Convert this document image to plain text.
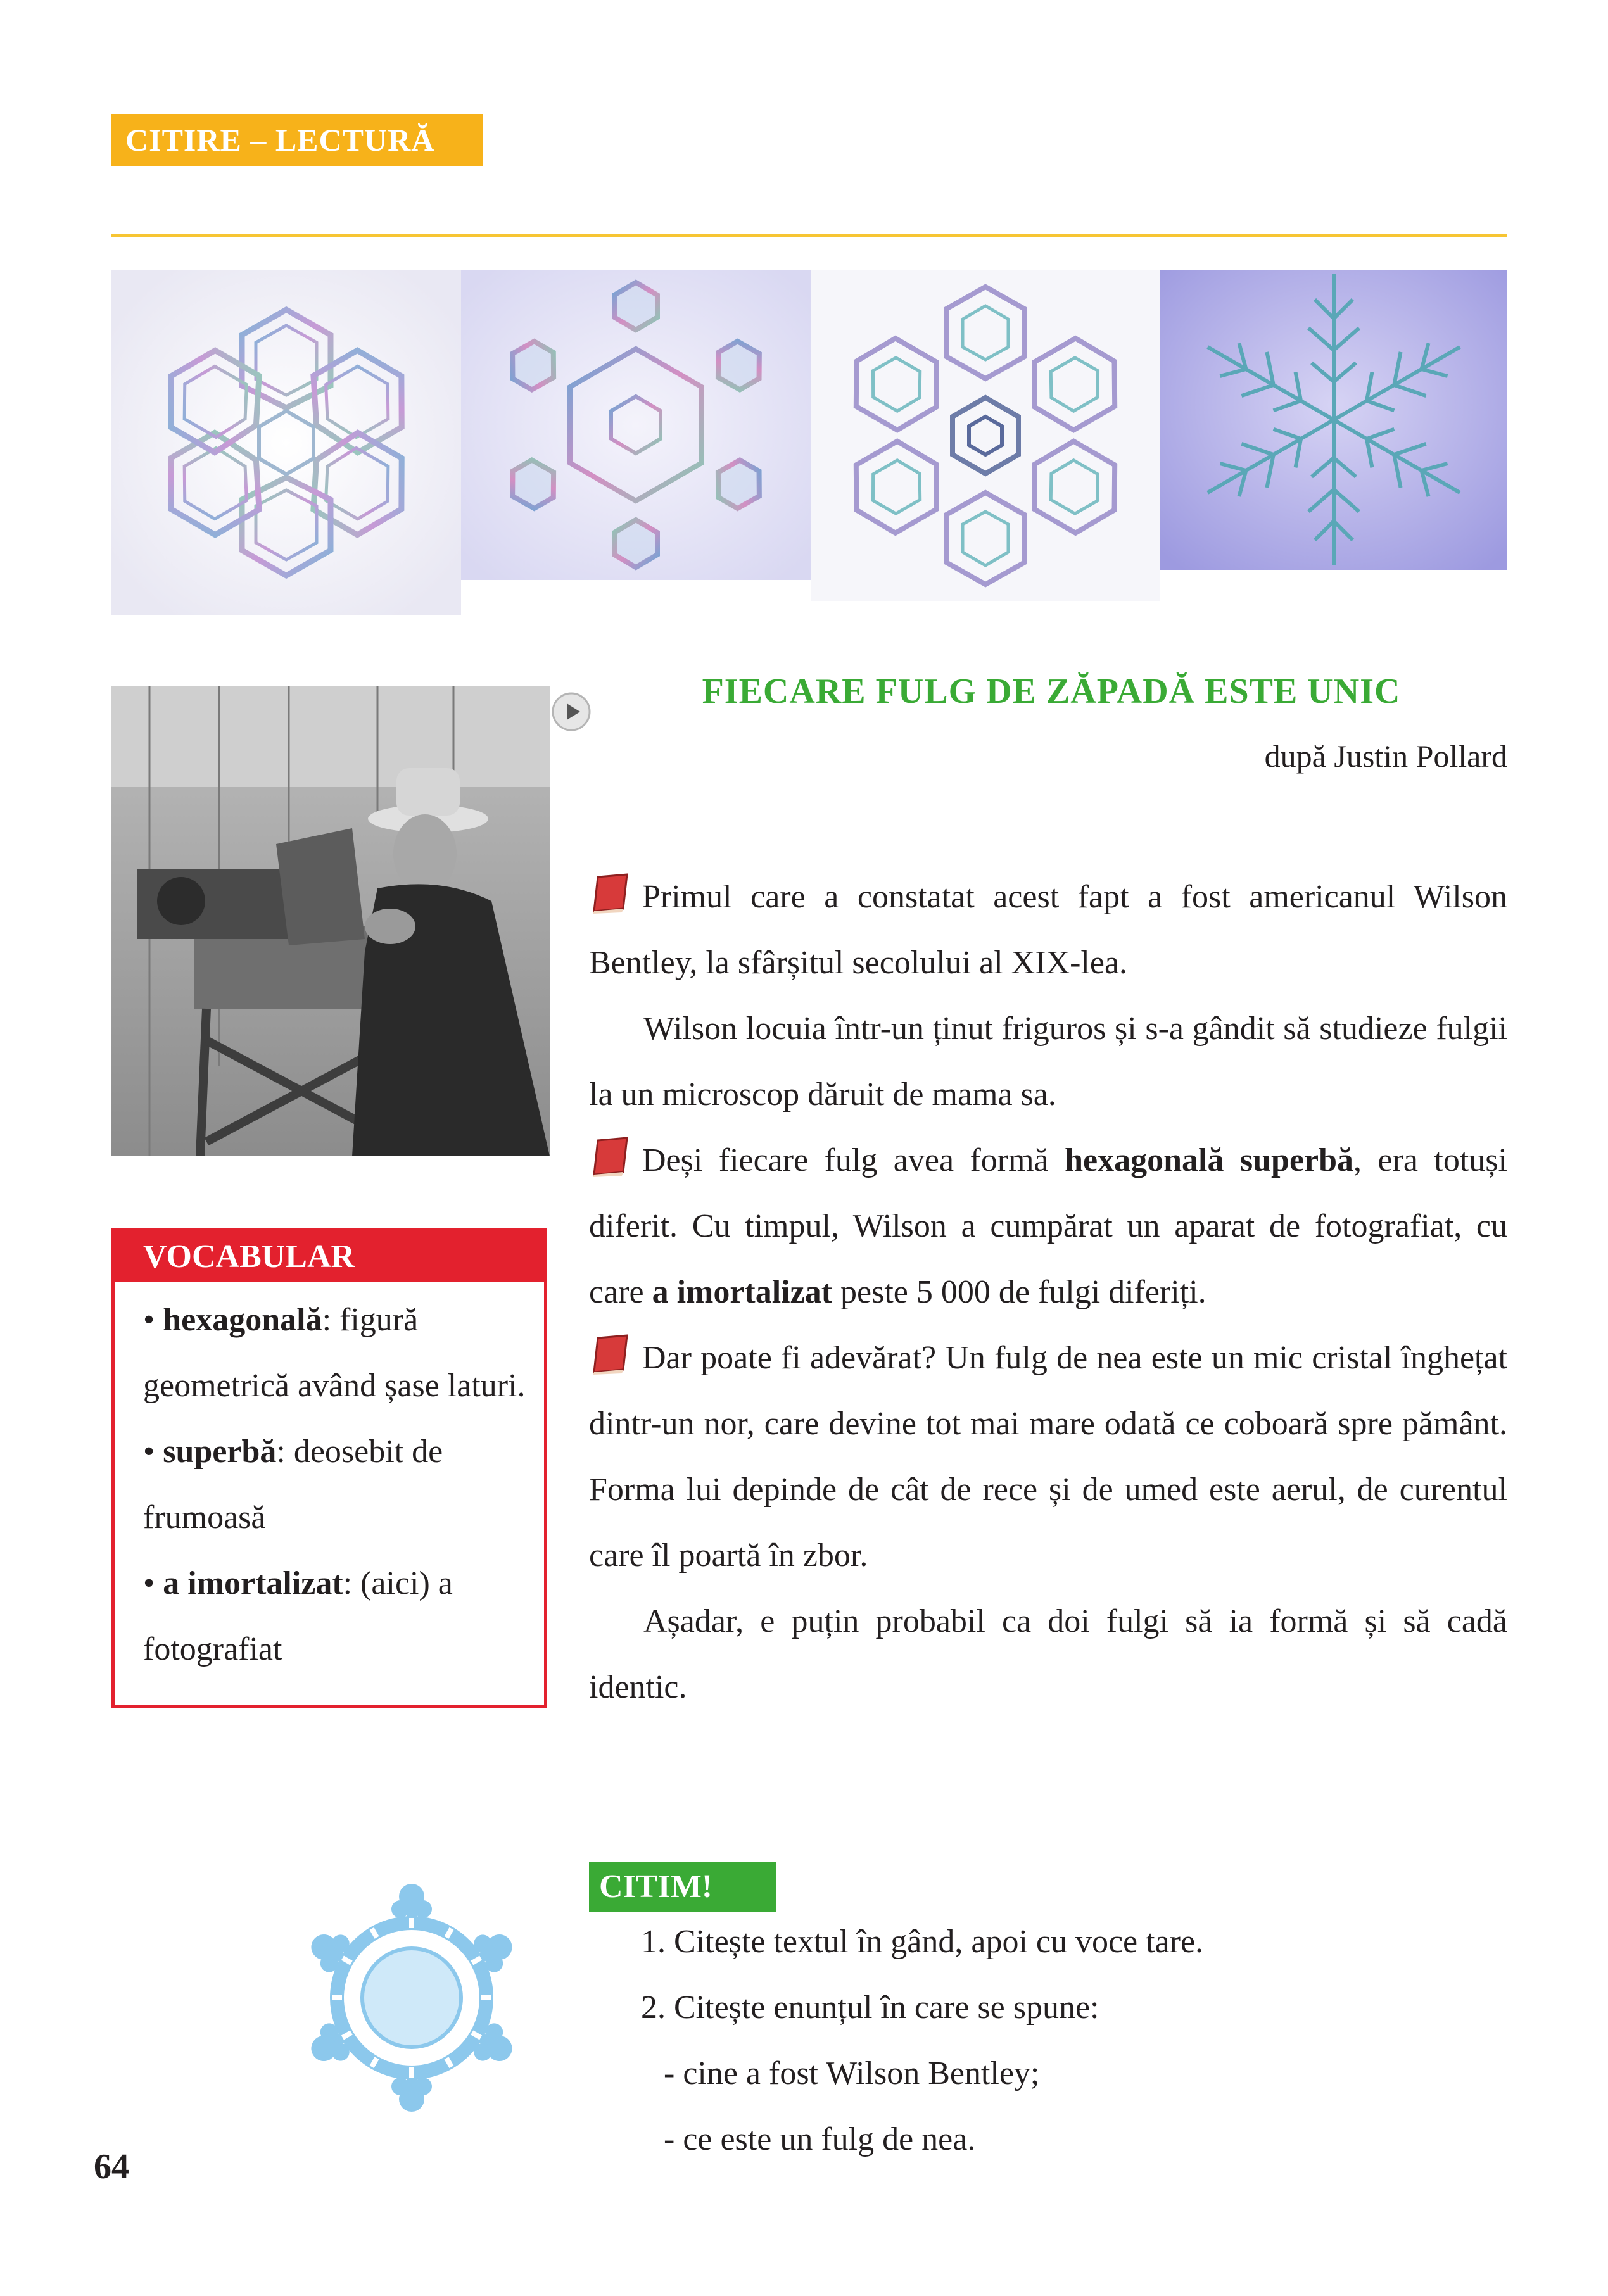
CITIRE – LECTURĂ
FIECARE FULG DE ZĂPADĂ ESTE UNIC
după Justin Pollard

Primul care a constatat acest fapt a fost americanul Wilson Bentley, la sfârșitul secolului al XIX-lea.

Wilson locuia într-un ținut friguros și s-a gândit să studieze fulgii la un microscop dăruit de mama sa.

Deși fiecare fulg avea formă hexagonală superbă, era totuși diferit. Cu timpul, Wilson a cumpărat un aparat de fotografiat, cu care a imortalizat peste 5 000 de fulgi diferiți.

Dar poate fi adevărat? Un fulg de nea este un mic cristal înghețat dintr-un nor, care devine tot mai mare odată ce coboară spre pământ. Forma lui depinde de cât de rece și de umed este aerul, de curentul care îl poartă în zbor.

Așadar, e puțin probabil ca doi fulgi să ia formă și să cadă identic.

VOCABULAR
• hexagonală: figură geometrică având șase laturi.
• superbă: deosebit de frumoasă
• a imortalizat: (aici) a fotografiat
CITIM!
1. Citește textul în gând, apoi cu voce tare.
2. Citește enunțul în care se spune:
- cine a fost Wilson Bentley;
- ce este un fulg de nea.
64
